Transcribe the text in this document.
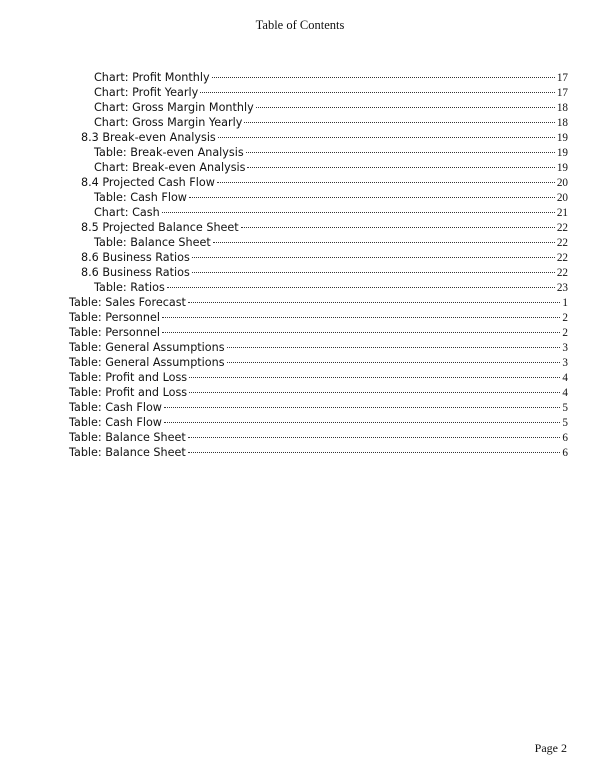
Table of Contents
Chart: Profit Monthly	17
Chart: Profit Yearly	17
Chart: Gross Margin Monthly	18
Chart: Gross Margin Yearly	18
8.3 Break-even Analysis	19
Table: Break-even Analysis	19
Chart: Break-even Analysis	19
8.4 Projected Cash Flow	20
Table: Cash Flow	20
Chart: Cash	21
8.5 Projected Balance Sheet	22
Table: Balance Sheet	22
8.6 Business Ratios	22
8.6 Business Ratios	22
Table: Ratios	23
Table: Sales Forecast	1
Table: Personnel	2
Table: Personnel	2
Table: General Assumptions	3
Table: General Assumptions	3
Table: Profit and Loss	4
Table: Profit and Loss	4
Table: Cash Flow	5
Table: Cash Flow	5
Table: Balance Sheet	6
Table: Balance Sheet	6
Page 2
